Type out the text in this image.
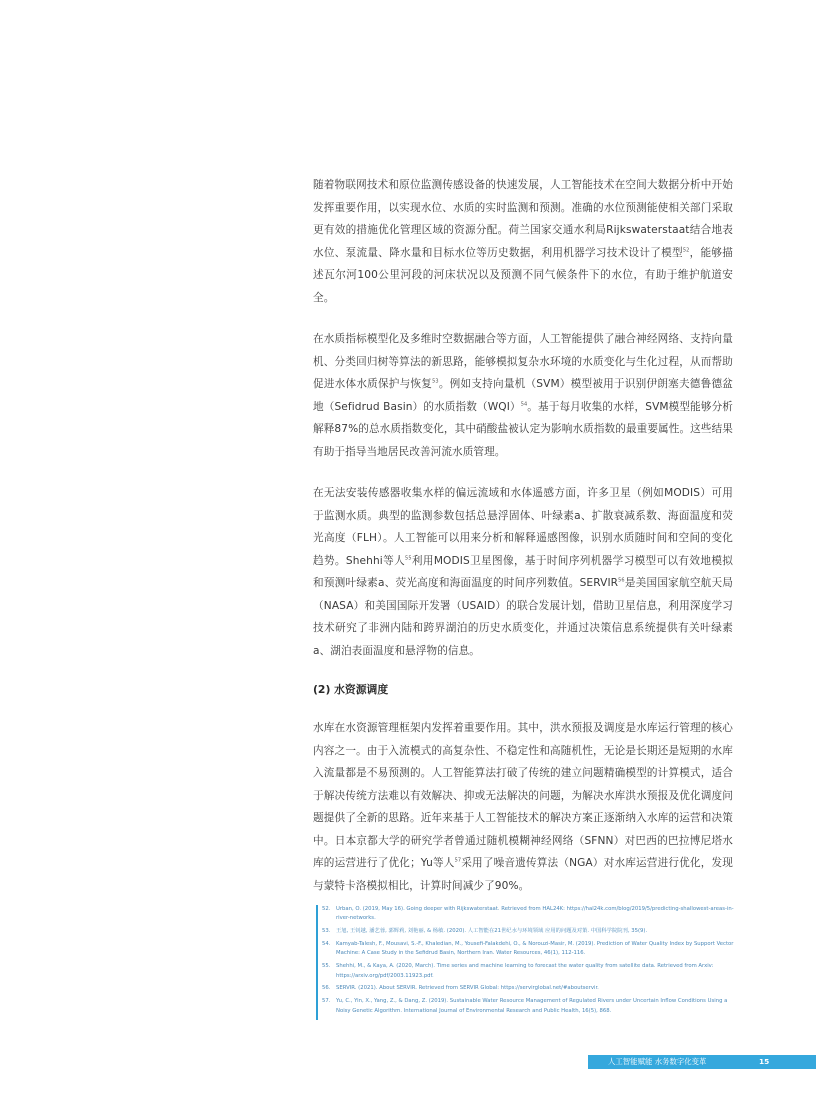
随着物联网技术和原位监测传感设备的快速发展，人工智能技术在空间大数据分析中开始发挥重要作用，以实现水位、水质的实时监测和预测。准确的水位预测能使相关部门采取更有效的措施优化管理区域的资源分配。荷兰国家交通水利局Rijkswaterstaat结合地表水位、泵流量、降水量和目标水位等历史数据，利用机器学习技术设计了模型$^{52}$，能够描述瓦尔河100公里河段的河床状况以及预测不同气候条件下的水位，有助于维护航道安全。

在水质指标模型化及多维时空数据融合等方面，人工智能提供了融合神经网络、支持向量机、分类回归树等算法的新思路，能够模拟复杂水环境的水质变化与生化过程，从而帮助促进水体水质保护与恢复$^{53}$。例如支持向量机（SVM）模型被用于识别伊朗塞夫德鲁德盆地（Sefidrud Basin）的水质指数（WQI）$^{54}$。基于每月收集的水样，SVM模型能够分析解释87%的总水质指数变化，其中硝酸盐被认定为影响水质指数的最重要属性。这些结果有助于指导当地居民改善河流水质管理。

在无法安装传感器收集水样的偏远流域和水体遥感方面，许多卫星（例如MODIS）可用于监测水质。典型的监测参数包括总悬浮固体、叶绿素a、扩散衰减系数、海面温度和荧光高度（FLH）。人工智能可以用来分析和解释遥感图像，识别水质随时间和空间的变化趋势。Shehhi等人$^{55}$利用MODIS卫星图像，基于时间序列机器学习模型可以有效地模拟和预测叶绿素a、荧光高度和海面温度的时间序列数值。SERVIR$^{56}$是美国国家航空航天局（NASA）和美国国际开发署（USAID）的联合发展计划，借助卫星信息，利用深度学习技术研究了非洲内陆和跨界湖泊的历史水质变化，并通过决策信息系统提供有关叶绿素a、湖泊表面温度和悬浮物的信息。

(2) 水资源调度

水库在水资源管理框架内发挥着重要作用。其中，洪水预报及调度是水库运行管理的核心内容之一。由于入流模式的高复杂性、不稳定性和高随机性，无论是长期还是短期的水库入流量都是不易预测的。人工智能算法打破了传统的建立问题精确模型的计算模式，适合于解决传统方法难以有效解决、抑或无法解决的问题，为解决水库洪水预报及优化调度问题提供了全新的思路。近年来基于人工智能技术的解决方案正逐渐纳入水库的运营和决策中。日本京都大学的研究学者曾通过随机模糊神经网络（SFNN）对巴西的巴拉博尼塔水库的运营进行了优化；Yu等人$^{57}$采用了噪音遗传算法（NGA）对水库运营进行优化，发现与蒙特卡洛模拟相比，计算时间减少了90%。

52.	Urban, O. (2019, May 16). Going deeper with Rijkswaterstaat. Retrieved from HAL24K: https://hal24k.com/blog/2019/5/predicting-shallowest-areas-in-river-networks.
53.	王旭, 王钊越, 潘艺蓉, 郭辉莉, 刘艳丽, & 杨敏. (2020). 人工智能在21世纪水与环境领域 应用的问题及对策. 中国科学院院刊, 35(9).
54.	Kamyab-Talesh, F., Mousavi, S.-F., Khaledian, M., Yousefi-Falakdehi, O., & Norouzi-Masir, M. (2019). Prediction of Water Quality Index by Support Vector Machine: A Case Study in the Sefidrud Basin, Northern Iran. Water Resources, 46(1), 112-116.
55.	Shehhi, M., & Kaya, A. (2020, March). Time series and machine learning to forecast the water quality from satellite data. Retrieved from Arxiv: https://arxiv.org/pdf/2003.11923.pdf.
56.	SERVIR. (2021). About SERVIR. Retrieved from SERVIR Global: https://servirglobal.net/#aboutservir.
57.	Yu, C., Yin, X., Yang, Z., & Dang, Z. (2019). Sustainable Water Resource Management of Regulated Rivers under Uncertain Inflow Conditions Using a Noisy Genetic Algorithm. International Journal of Environmental Research and Public Health, 16(5), 868.
人工智能赋能 水务数字化变革	15
